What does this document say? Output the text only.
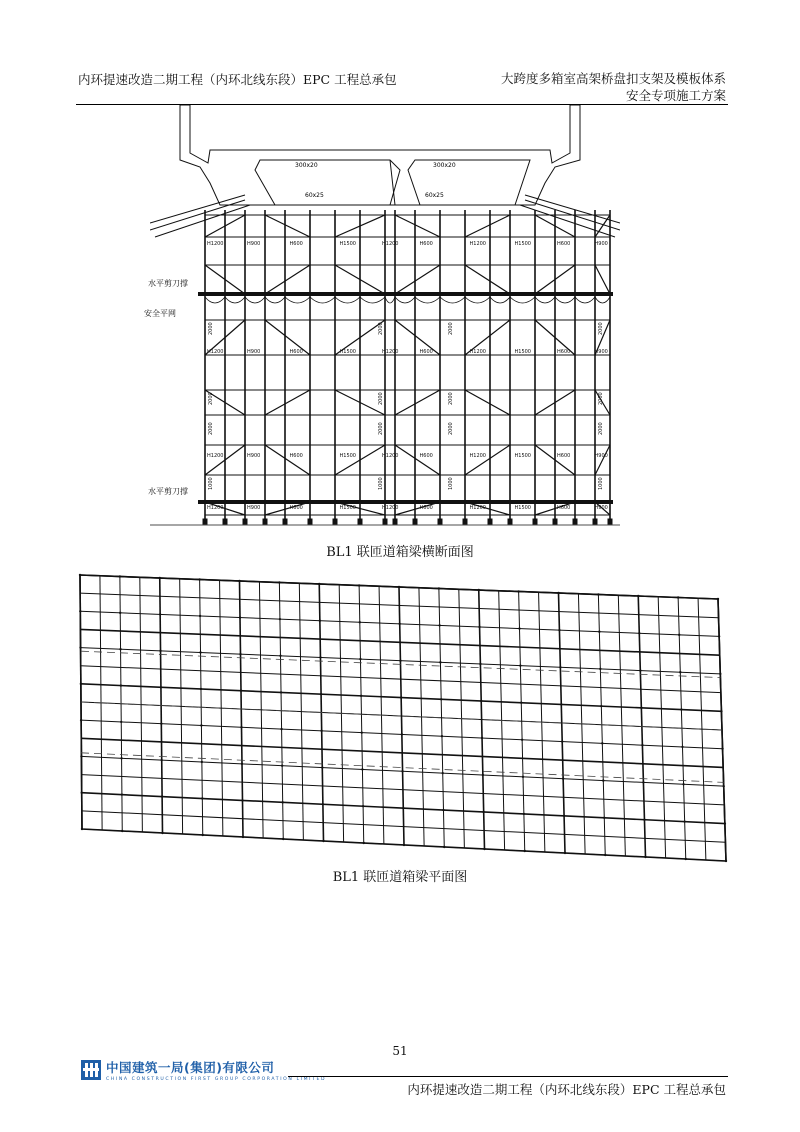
内环提速改造二期工程（内环北线东段）EPC 工程总承包	大跨度多箱室高架桥盘扣支架及模板体系
安全专项施工方案
300x20	300x20
60x25	60x25
H1200	H900	H600	H1500	H1200	H600	H1200	H1500	H600	H900
H1200	H900	H600	H1500	H1200	H600	H1200	H1500	H600	H900
H1200	H900	H600	H1500	H1200	H600	H1200	H1500	H600	H900
H1200	H900	H600	H1500	H1200	H600	H1200	H1500	H600	H900
2000	2000	2000	2000
2000	2000	2000	2000
2000	2000	2000	2000
1000	1000	1000	1000
水平剪刀撑
安全平网
水平剪刀撑
BL1 联匝道箱梁横断面图
BL1 联匝道箱梁平面图
51
中国建筑一局(集团)有限公司
CHINA CONSTRUCTION FIRST GROUP CORPORATION LIMITED
内环提速改造二期工程（内环北线东段）EPC 工程总承包
